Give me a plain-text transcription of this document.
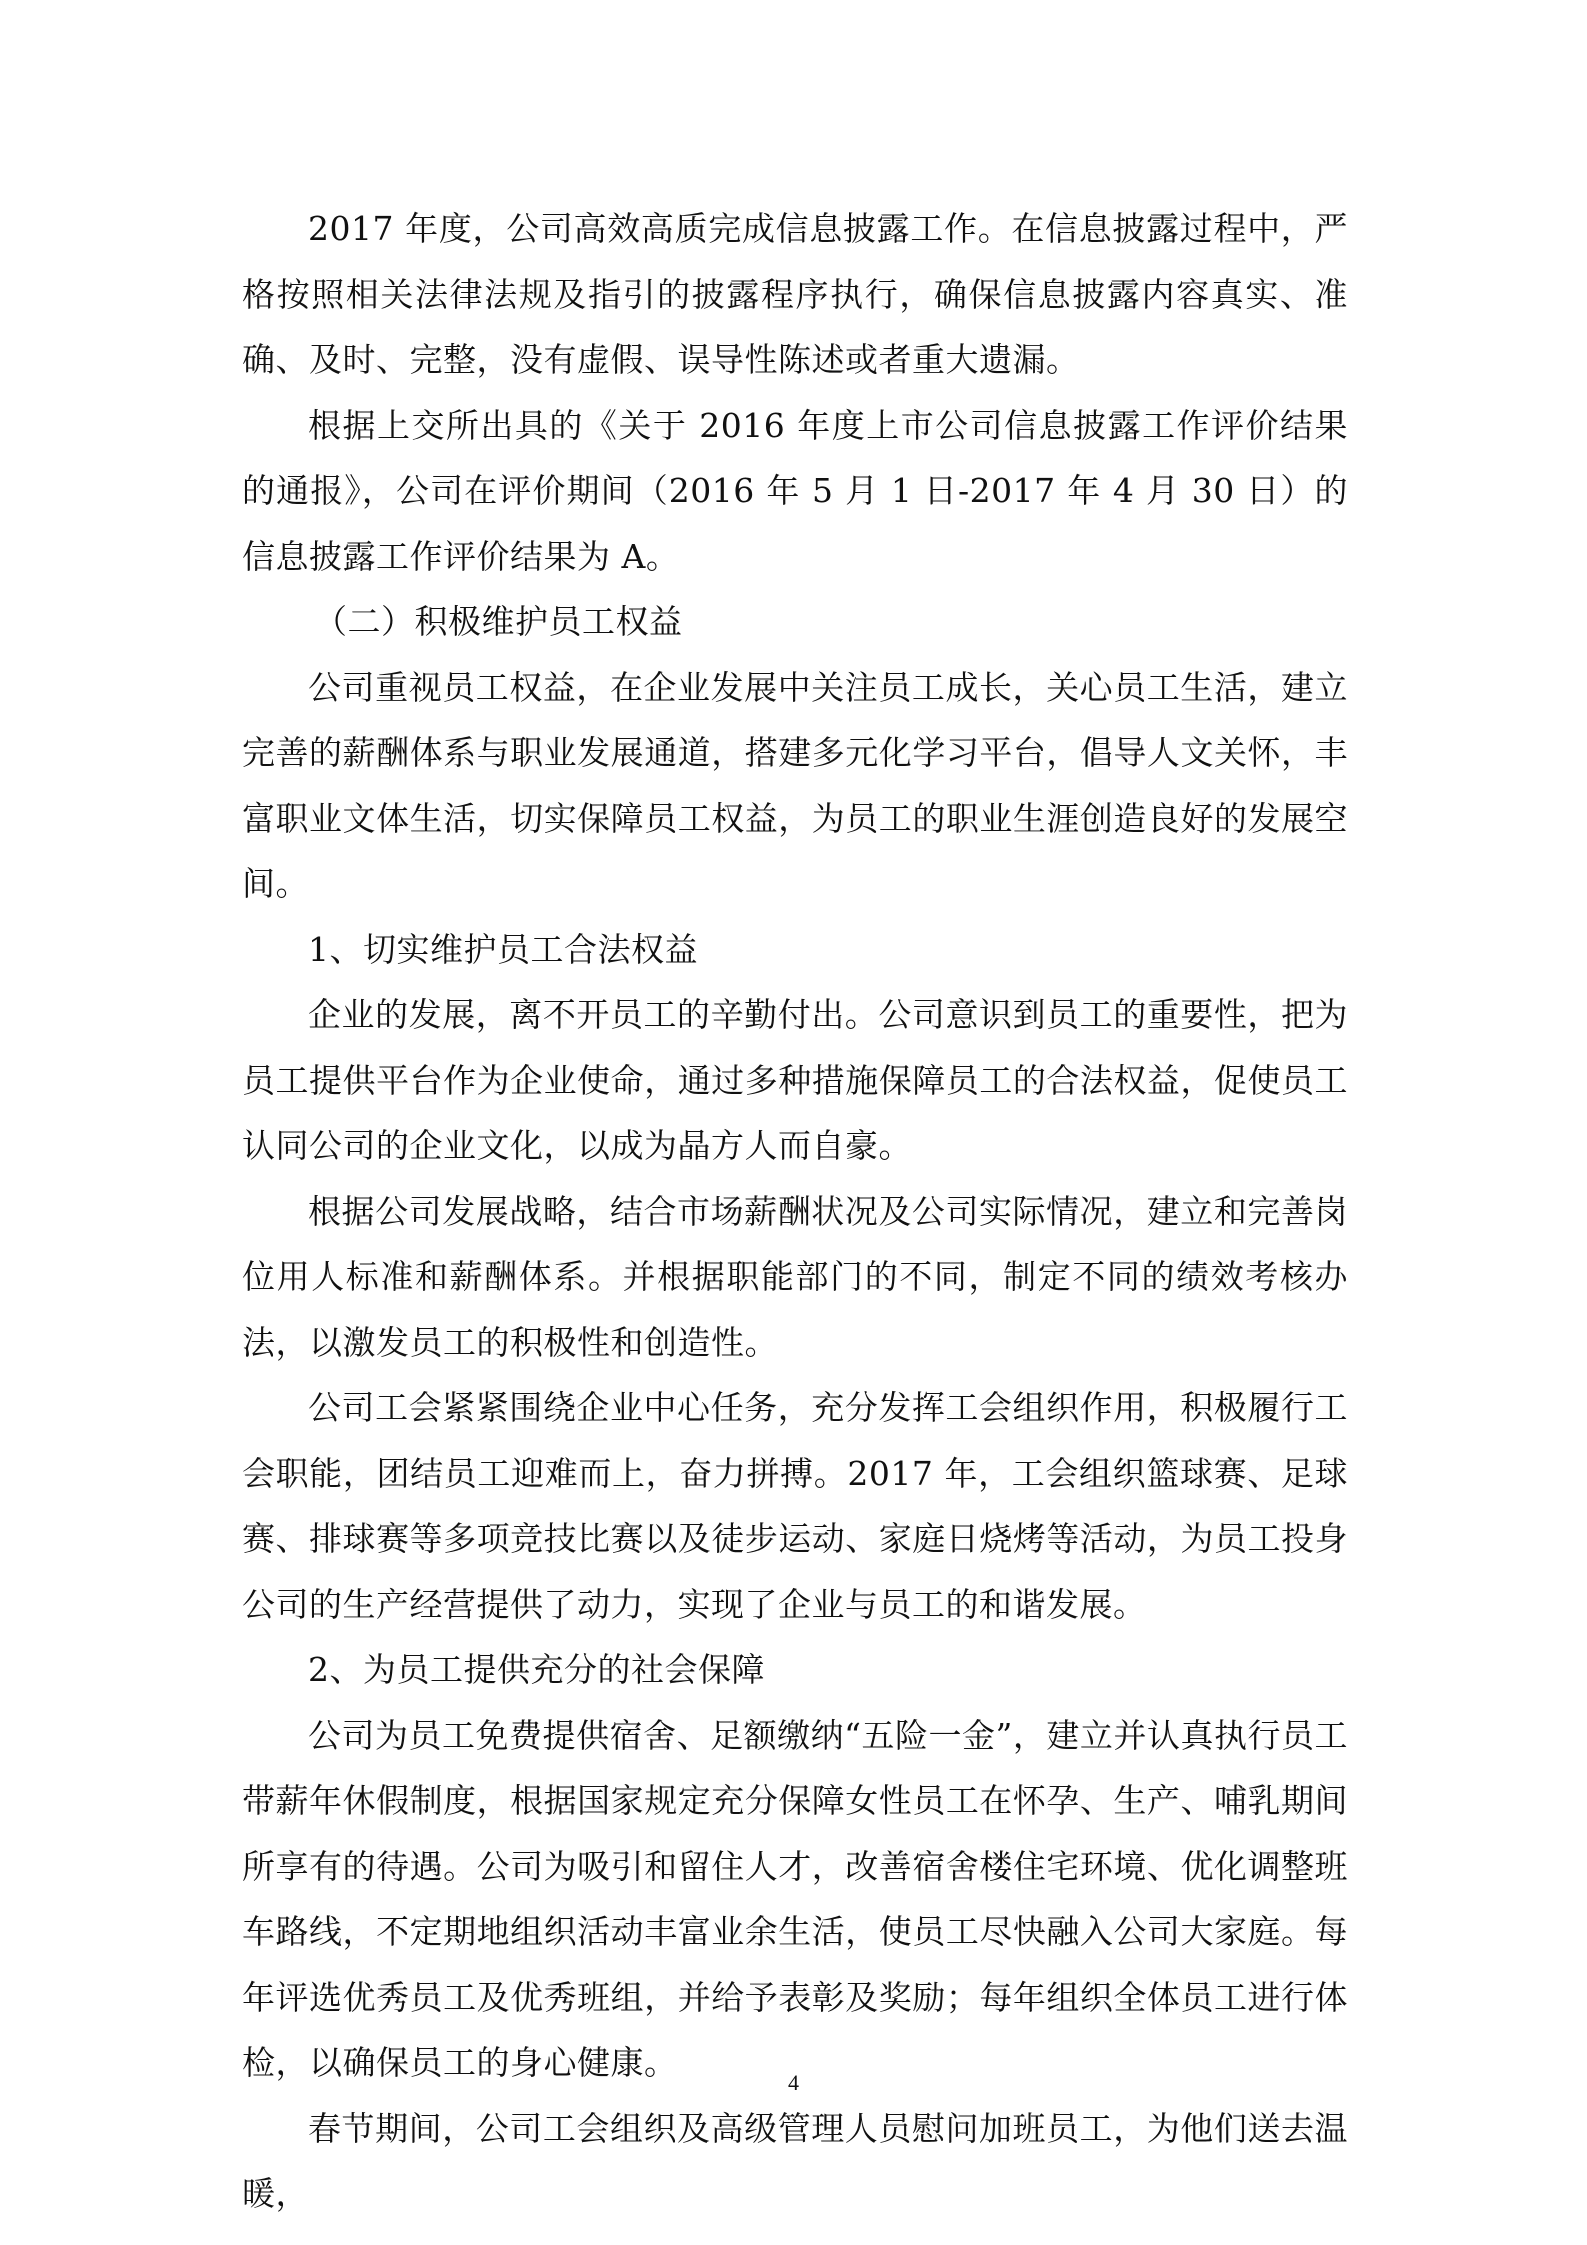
2017 年度，公司高效高质完成信息披露工作。在信息披露过程中，严格按照相关法律法规及指引的披露程序执行，确保信息披露内容真实、准确、及时、完整，没有虚假、误导性陈述或者重大遗漏。

根据上交所出具的《关于 2016 年度上市公司信息披露工作评价结果的通报》，公司在评价期间（2016 年 5 月 1 日-2017 年 4 月 30 日）的信息披露工作评价结果为 A。

（二）积极维护员工权益

公司重视员工权益，在企业发展中关注员工成长，关心员工生活，建立完善的薪酬体系与职业发展通道，搭建多元化学习平台，倡导人文关怀，丰富职业文体生活，切实保障员工权益，为员工的职业生涯创造良好的发展空间。

1、切实维护员工合法权益

企业的发展，离不开员工的辛勤付出。公司意识到员工的重要性，把为员工提供平台作为企业使命，通过多种措施保障员工的合法权益，促使员工认同公司的企业文化，以成为晶方人而自豪。

根据公司发展战略，结合市场薪酬状况及公司实际情况，建立和完善岗位用人标准和薪酬体系。并根据职能部门的不同，制定不同的绩效考核办法，以激发员工的积极性和创造性。

公司工会紧紧围绕企业中心任务，充分发挥工会组织作用，积极履行工会职能，团结员工迎难而上，奋力拼搏。2017 年，工会组织篮球赛、足球赛、排球赛等多项竞技比赛以及徒步运动、家庭日烧烤等活动，为员工投身公司的生产经营提供了动力，实现了企业与员工的和谐发展。

2、为员工提供充分的社会保障

公司为员工免费提供宿舍、足额缴纳“五险一金”，建立并认真执行员工带薪年休假制度，根据国家规定充分保障女性员工在怀孕、生产、哺乳期间所享有的待遇。公司为吸引和留住人才，改善宿舍楼住宅环境、优化调整班车路线，不定期地组织活动丰富业余生活，使员工尽快融入公司大家庭。每年评选优秀员工及优秀班组，并给予表彰及奖励；每年组织全体员工进行体检，以确保员工的身心健康。

春节期间，公司工会组织及高级管理人员慰问加班员工，为他们送去温暖，

4
